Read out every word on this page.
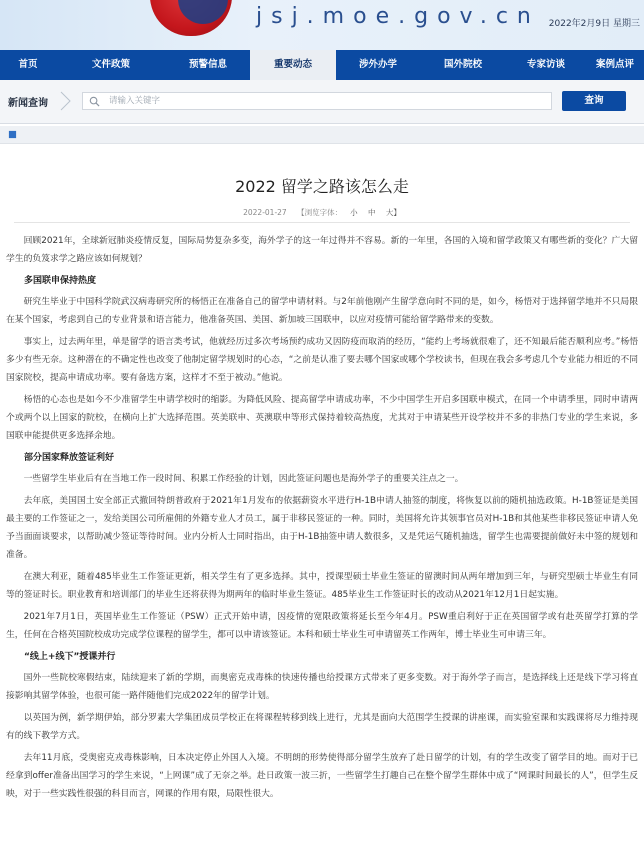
jsj.moe.gov.cn 2022年2月9日 星期三
首页	文件政策	预警信息	重要动态	涉外办学	国外院校	专家访谈	案例点评
新闻查询
请输入关键字	查询
2022 留学之路该怎么走
2022-01-27 【浏览字体： 小 中 大】

回顾2021年，全球新冠肺炎疫情反复，国际局势复杂多变，海外学子的这一年过得并不容易。新的一年里，各国的入境和留学政策又有哪些新的变化？广大留学生的负笈求学之路应该如何规划？

多国联申保持热度

研究生毕业于中国科学院武汉病毒研究所的杨悟正在准备自己的留学申请材料。与2年前他刚产生留学意向时不同的是，如今，杨悟对于选择留学地并不只局限在某个国家，考虑到自己的专业背景和语言能力，他准备英国、美国、新加坡三国联申，以应对疫情可能给留学路带来的变数。

事实上，过去两年里，单是留学的语言类考试，他就经历过多次考场预约成功又因防疫而取消的经历，“能约上考场就很难了，还不知最后能否顺利应考。”杨悟多少有些无奈。这种潜在的不确定性也改变了他制定留学规划时的心态，“之前是认准了要去哪个国家或哪个学校读书，但现在我会多考虑几个专业能力相近的不同国家院校，提高申请成功率。要有备选方案，这样才不至于被动。”他说。

杨悟的心态也是如今不少准留学生申请学校时的缩影。为降低风险、提高留学申请成功率，不少中国学生开启多国联申模式，在同一个申请季里，同时申请两个或两个以上国家的院校，在横向上扩大选择范围。英美联申、英澳联申等形式保持着较高热度，尤其对于申请某些开设学校并不多的非热门专业的学生来说，多国联申能提供更多选择余地。

部分国家释放签证利好

一些留学生毕业后有在当地工作一段时间、积累工作经验的计划，因此签证问题也是海外学子的重要关注点之一。

去年底，美国国土安全部正式撤回特朗普政府于2021年1月发布的依据薪资水平进行H-1B申请人抽签的制度，将恢复以前的随机抽选政策。H-1B签证是美国最主要的工作签证之一，发给美国公司所雇佣的外籍专业人才员工，属于非移民签证的一种。同时，美国将允许其领事官员对H-1B和其他某些非移民签证申请人免予当面面谈要求，以帮助减少签证等待时间。业内分析人士同时指出，由于H-1B抽签申请人数很多，又是凭运气随机抽选，留学生也需要提前做好未中签的规划和准备。

在澳大利亚，随着485毕业生工作签证更新，相关学生有了更多选择。其中，授课型硕士毕业生签证的留澳时间从两年增加到三年，与研究型硕士毕业生有同等的签证时长。职业教育和培训部门的毕业生还将获得为期两年的临时毕业生签证。485毕业生工作签证时长的改动从2021年12月1日起实施。

2021年7月1日，英国毕业生工作签证（PSW）正式开始申请，因疫情的宽限政策将延长至今年4月。PSW重启利好于正在英国留学或有赴英留学打算的学生，任何在合格英国院校成功完成学位课程的留学生，都可以申请该签证。本科和硕士毕业生可申请留英工作两年，博士毕业生可申请三年。

“线上+线下”授课并行

国外一些院校寒假结束，陆续迎来了新的学期，而奥密克戎毒株的快速传播也给授课方式带来了更多变数。对于海外学子而言，是选择线上还是线下学习将直接影响其留学体验，也很可能一路伴随他们完成2022年的留学计划。

以英国为例，新学期伊始，部分罗素大学集团成员学校正在将课程转移到线上进行，尤其是面向大范围学生授课的讲座课，而实验室课和实践课将尽力维持现有的线下教学方式。

去年11月底，受奥密克戎毒株影响，日本决定停止外国人入境。不明朗的形势使得部分留学生放弃了赴日留学的计划，有的学生改变了留学目的地。而对于已经拿到offer准备出国学习的学生来说，“上网课”成了无奈之举。赴日政策一波三折，一些留学生打趣自己在整个留学生群体中成了“网课时间最长的人”，但学生反映，对于一些实践性很强的科目而言，网课的作用有限，局限性很大。
